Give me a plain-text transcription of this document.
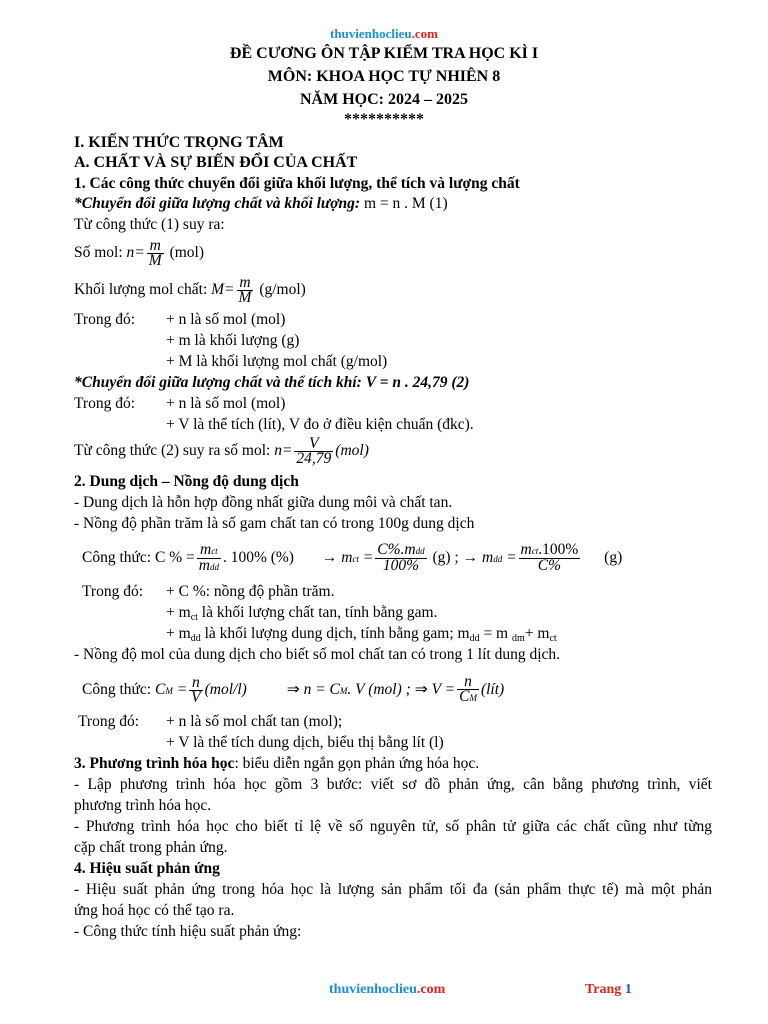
thuvienhoclieu.com
ĐỀ CƯƠNG ÔN TẬP KIỂM TRA HỌC KÌ I
MÔN: KHOA HỌC TỰ NHIÊN 8
NĂM HỌC: 2024 – 2025
**********
I. KIẾN THỨC TRỌNG TÂM
A. CHẤT VÀ SỰ BIẾN ĐỔI CỦA CHẤT
1. Các công thức chuyển đổi giữa khối lượng, thể tích và lượng chất
*Chuyển đổi giữa lượng chất và khối lượng: m = n . M (1)
Từ công thức (1) suy ra:
Số mol: $n= \frac{m}{M} (mol)$
Khối lượng mol chất: $M= \frac{m}{M} (g/mol)$
Trong đó: + n là số mol (mol)
+ m là khối lượng (g)
+ M là khối lượng mol chất (g/mol)
*Chuyển đổi giữa lượng chất và thể tích khí: V = n . 24,79 (2)
Trong đó: + n là số mol (mol)
+ V là thể tích (lít), V đo ở điều kiện chuẩn (đkc).
Từ công thức (2) suy ra số mol: $n= \frac{V}{24,79} (mol)$
2. Dung dịch – Nồng độ dung dịch
- Dung dịch là hỗn hợp đồng nhất giữa dung môi và chất tan.
- Nồng độ phần trăm là số gam chất tan có trong 100g dung dịch
Công thức: C % = $\frac{\text{mct}}{\text{mdd}}$ . 100% (%) → mct = $\frac{\text{C\%.mdd}}{100\%} (g)$ ; → mdd = $\frac{\text{mct.100\%}}{C\%} (g)$
Trong đó: + C %: nồng độ phần trăm.
+ $m_{ct}$ là khối lượng chất tan, tính bằng gam.
+ $m_{dd}$ là khối lượng dung dịch, tính bằng gam; $m_{dd} = m$ $_{dm}+ m_{ct}$
- Nồng độ mol của dung dịch cho biết số mol chất tan có trong 1 lít dung dịch.
Công thức: CM = $\frac{n}{V} (mol/l)$	⇒ n = CM. V (mol) ; ⇒ $V = \frac{n}{CM}$ (lít)
Trong đó: + n là số mol chất tan (mol);
+ V là thể tích dung dịch, biểu thị bằng lít (l)
3. Phương trình hóa học: biểu diễn ngắn gọn phản ứng hóa học.
- Lập phương trình hóa học gồm 3 bước: viết sơ đồ phản ứng, cân bằng phương trình, viết
phương trình hóa học.
- Phương trình hóa học cho biết tỉ lệ về số nguyên tử, số phân tử giữa các chất cũng như từng
cặp chất trong phản ứng.
4. Hiệu suất phản ứng
- Hiệu suất phản ứng trong hóa học là lượng sản phẩm tối đa (sản phẩm thực tế) mà một phản
ứng hoá học có thể tạo ra.
- Công thức tính hiệu suất phản ứng:
thuvienhoclieu.com	Trang 1
